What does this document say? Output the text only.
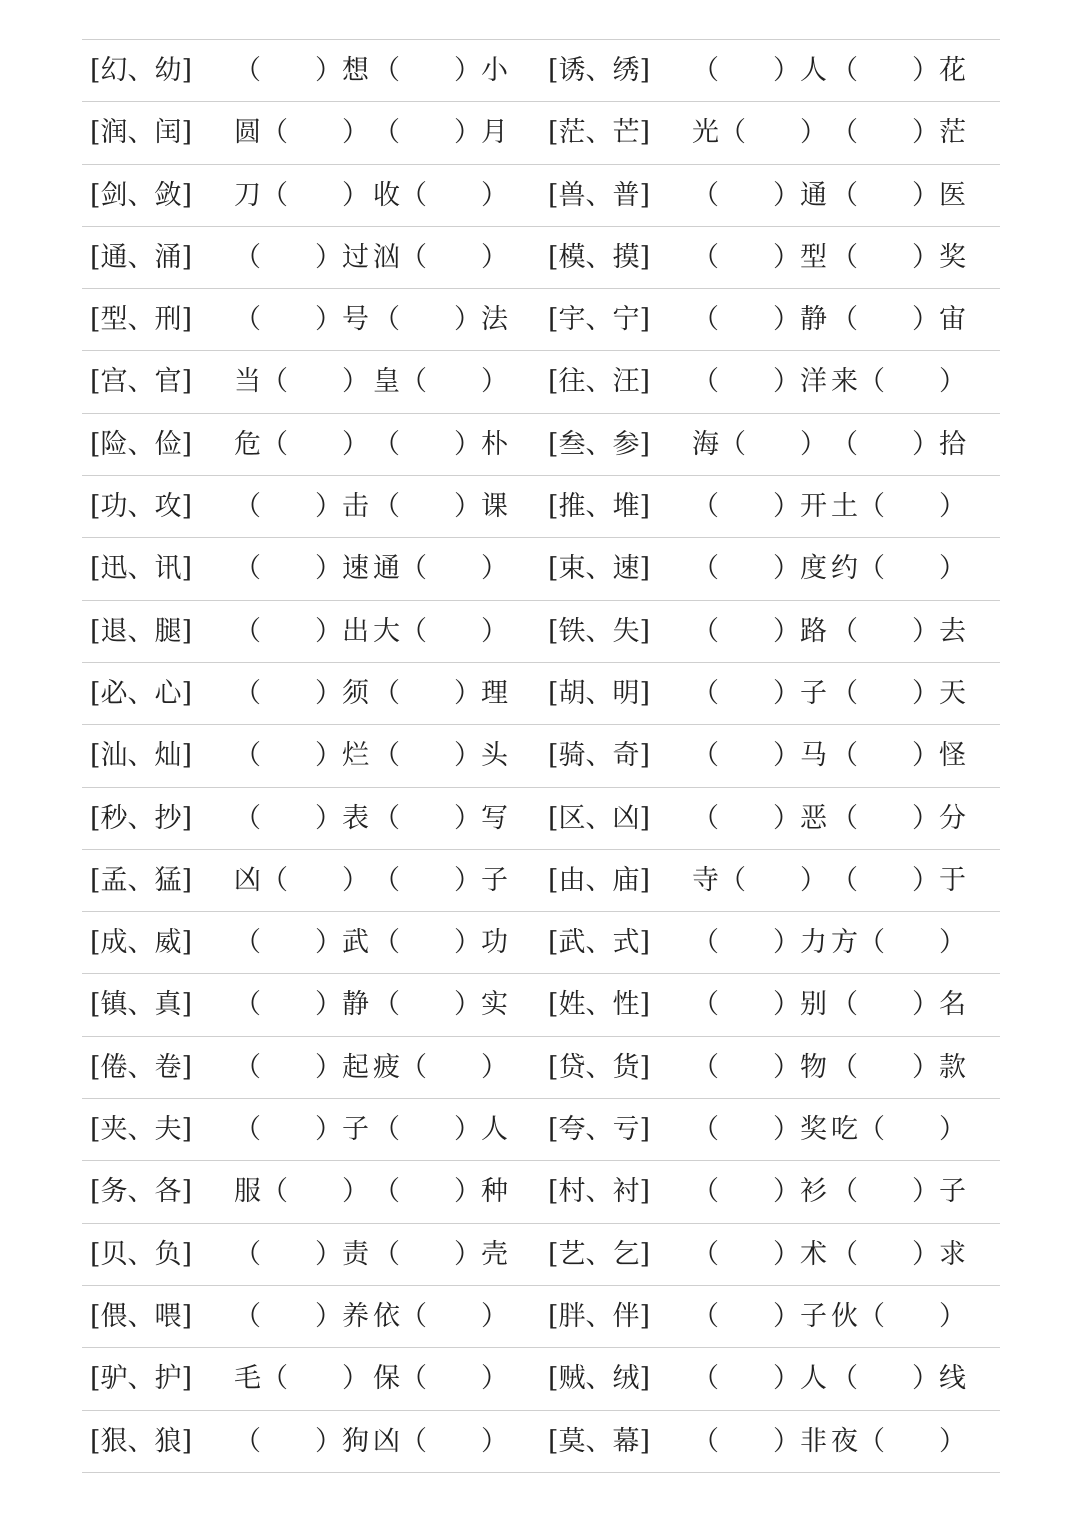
[幻、幼] （　　）想 （　　）小 [诱、绣] （　　）人 （　　）花
[润、闰] 圆（　　） （　　）月 [茫、芒] 光（　　） （　　）茫
[剑、敛] 刀（　　） 收（　　） [兽、普] （　　）通 （　　）医
[通、涌] （　　）过 汹（　　） [模、摸] （　　）型 （　　）奖
[型、刑] （　　）号 （　　）法 [宇、宁] （　　）静 （　　）宙
[宫、官] 当（　　） 皇（　　） [往、汪] （　　）洋 来（　　）
[险、俭] 危（　　） （　　）朴 [叁、参] 海（　　） （　　）拾
[功、攻] （　　）击 （　　）课 [推、堆] （　　）开 土（　　）
[迅、讯] （　　）速 通（　　） [束、速] （　　）度 约（　　）
[退、腿] （　　）出 大（　　） [铁、失] （　　）路 （　　）去
[必、心] （　　）须 （　　）理 [胡、明] （　　）子 （　　）天
[汕、灿] （　　）烂 （　　）头 [骑、奇] （　　）马 （　　）怪
[秒、抄] （　　）表 （　　）写 [区、凶] （　　）恶 （　　）分
[孟、猛] 凶（　　） （　　）子 [由、庙] 寺（　　） （　　）于
[成、威] （　　）武 （　　）功 [武、式] （　　）力 方（　　）
[镇、真] （　　）静 （　　）实 [姓、性] （　　）别 （　　）名
[倦、卷] （　　）起 疲（　　） [贷、货] （　　）物 （　　）款
[夹、夫] （　　）子 （　　）人 [夸、亏] （　　）奖 吃（　　）
[务、各] 服（　　） （　　）种 [村、衬] （　　）衫 （　　）子
[贝、负] （　　）责 （　　）壳 [艺、乞] （　　）术 （　　）求
[偎、喂] （　　）养 依（　　） [胖、伴] （　　）子 伙（　　）
[驴、护] 毛（　　） 保（　　） [贼、绒] （　　）人 （　　）线
[狠、狼] （　　）狗 凶（　　） [莫、幕] （　　）非 夜（　　）
